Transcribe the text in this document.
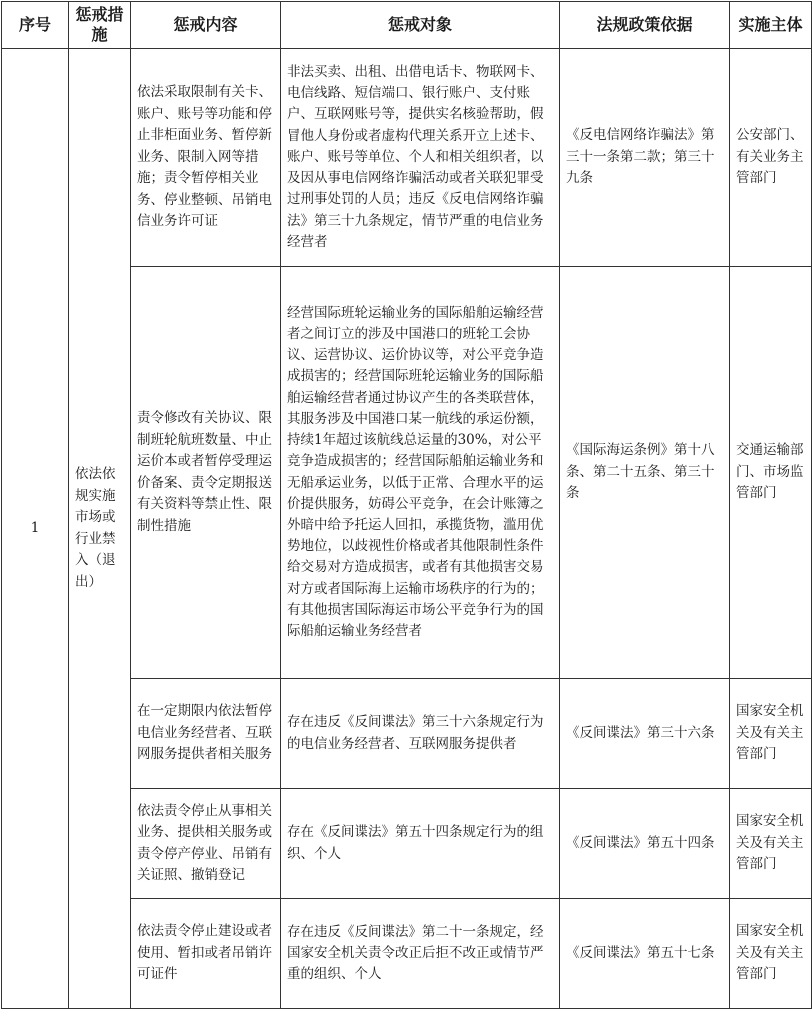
序号	惩戒措施	惩戒内容	惩戒对象	法规政策依据	实施主体
1	依法依规实施市场或行业禁入（退出）	依法采取限制有关卡、账户、账号等功能和停止非柜面业务、暂停新业务、限制入网等措施；责令暂停相关业务、停业整顿、吊销电信业务许可证	非法买卖、出租、出借电话卡、物联网卡、电信线路、短信端口、银行账户、支付账户、互联网账号等，提供实名核验帮助，假冒他人身份或者虚构代理关系开立上述卡、账户、账号等单位、个人和相关组织者，以及因从事电信网络诈骗活动或者关联犯罪受过刑事处罚的人员；违反《反电信网络诈骗法》第三十九条规定，情节严重的电信业务经营者	《反电信网络诈骗法》第三十一条第二款；第三十九条	公安部门、有关业务主管部门
		责令修改有关协议、限制班轮航班数量、中止运价本或者暂停受理运价备案、责令定期报送有关资料等禁止性、限制性措施	经营国际班轮运输业务的国际船舶运输经营者之间订立的涉及中国港口的班轮工会协议、运营协议、运价协议等，对公平竞争造成损害的；经营国际班轮运输业务的国际船舶运输经营者通过协议产生的各类联营体，其服务涉及中国港口某一航线的承运份额，持续1年超过该航线总运量的30%，对公平竞争造成损害的；经营国际船舶运输业务和无船承运业务，以低于正常、合理水平的运价提供服务，妨碍公平竞争，在会计账簿之外暗中给予托运人回扣，承揽货物，滥用优势地位，以歧视性价格或者其他限制性条件给交易对方造成损害，或者有其他损害交易对方或者国际海上运输市场秩序的行为的；有其他损害国际海运市场公平竞争行为的国际船舶运输业务经营者	《国际海运条例》第十八条、第二十五条、第三十条	交通运输部门、市场监管部门
		在一定期限内依法暂停电信业务经营者、互联网服务提供者相关服务	存在违反《反间谍法》第三十六条规定行为的电信业务经营者、互联网服务提供者	《反间谍法》第三十六条	国家安全机关及有关主管部门
		依法责令停止从事相关业务、提供相关服务或责令停产停业、吊销有关证照、撤销登记	存在《反间谍法》第五十四条规定行为的组织、个人	《反间谍法》第五十四条	国家安全机关及有关主管部门
		依法责令停止建设或者使用、暂扣或者吊销许可证件	存在违反《反间谍法》第二十一条规定，经国家安全机关责令改正后拒不改正或情节严重的组织、个人	《反间谍法》第五十七条	国家安全机关及有关主管部门
